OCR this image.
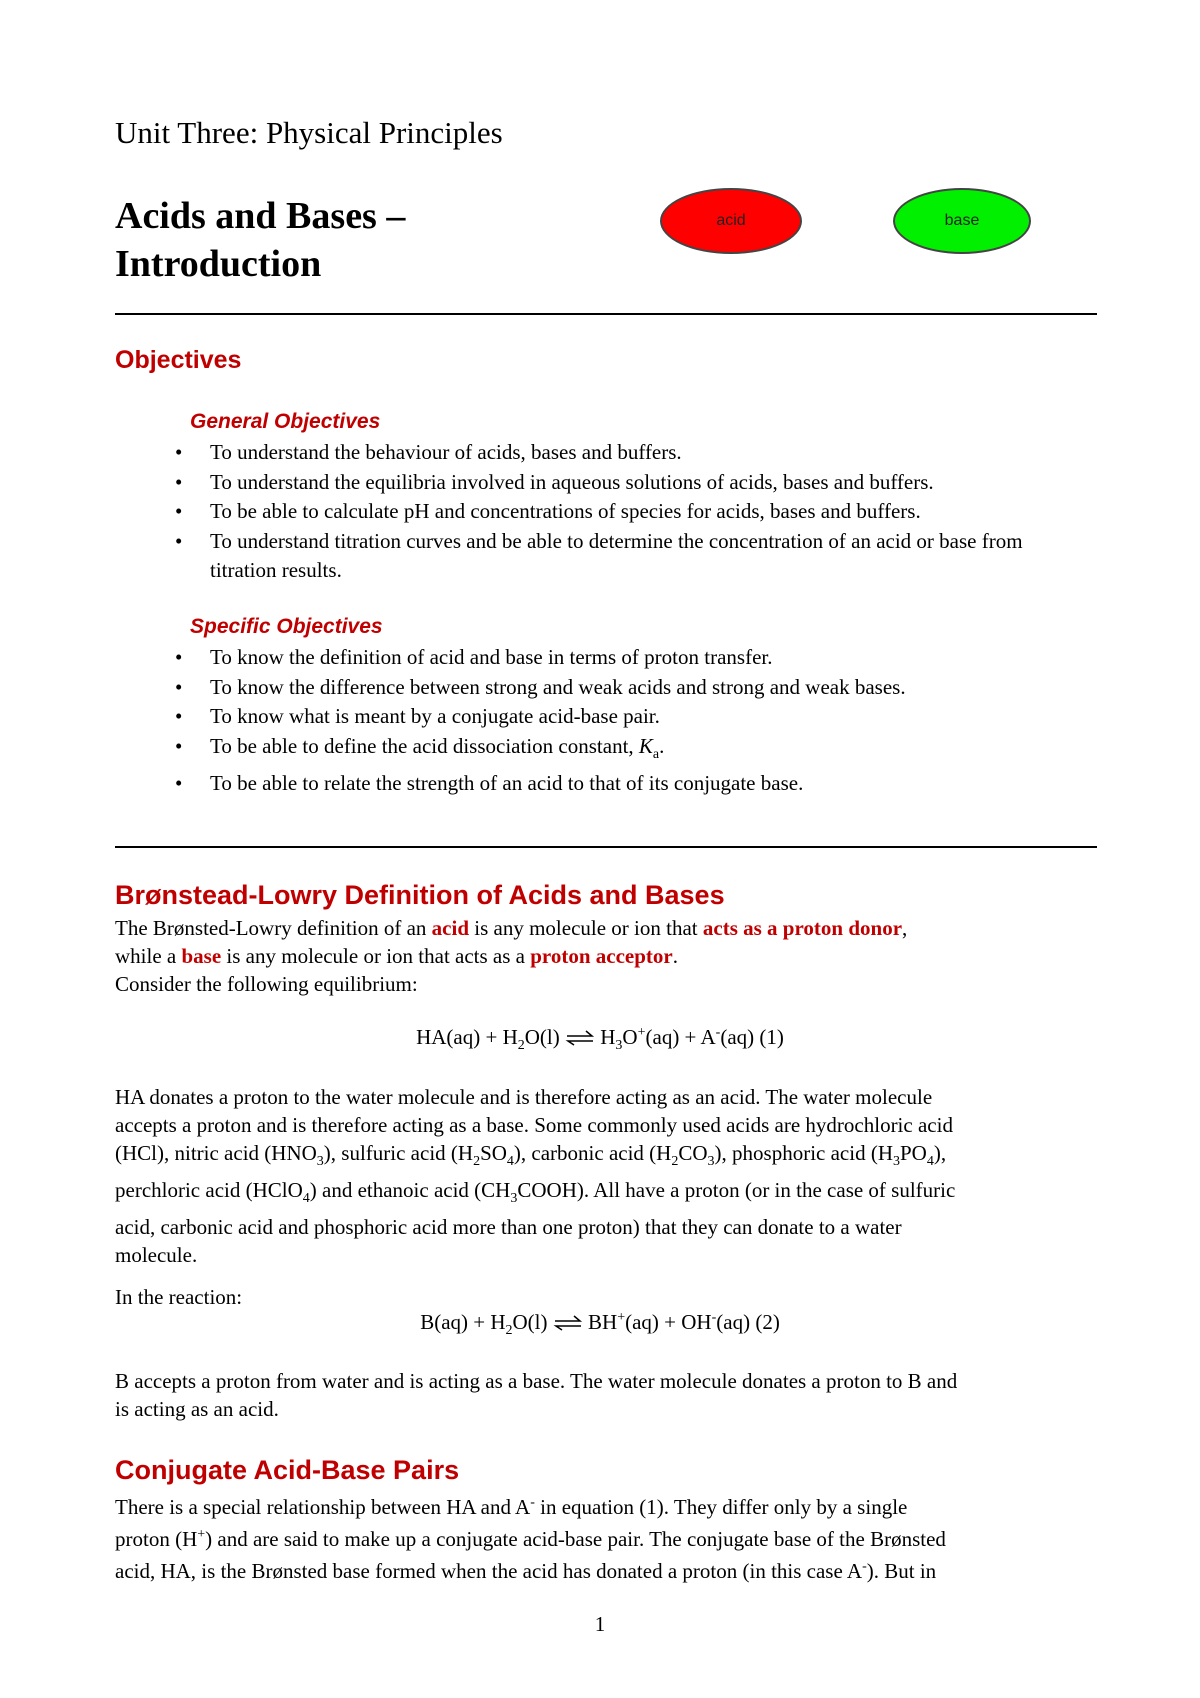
Unit Three: Physical Principles
Acids and Bases –
Introduction
acid	base
Objectives
General Objectives
• To understand the behaviour of acids, bases and buffers.
• To understand the equilibria involved in aqueous solutions of acids, bases and buffers.
• To be able to calculate pH and concentrations of species for acids, bases and buffers.
• To understand titration curves and be able to determine the concentration of an acid or base from titration results.
Specific Objectives
• To know the definition of acid and base in terms of proton transfer.
• To know the difference between strong and weak acids and strong and weak bases.
• To know what is meant by a conjugate acid-base pair.
• To be able to define the acid dissociation constant, $K_a$.
• To be able to relate the strength of an acid to that of its conjugate base.
Brønstead-Lowry Definition of Acids and Bases
The Brønsted-Lowry definition of an acid is any molecule or ion that acts as a proton donor,
while a base is any molecule or ion that acts as a proton acceptor.
Consider the following equilibrium:
$HA(aq) + H_2O(l)$ ⇌ $H_3O^+(aq) + A^-(aq)$ (1)
HA donates a proton to the water molecule and is therefore acting as an acid. The water molecule
accepts a proton and is therefore acting as a base. Some commonly used acids are hydrochloric acid
(HCl), nitric acid $(HNO_3)$, sulfuric acid $(H_2SO_4)$, carbonic acid $(H_2CO_3)$, phosphoric acid $(H_3PO_4)$,
perchloric acid (HClO$_4$) and ethanoic acid $(CH_3COOH)$. All have a proton (or in the case of sulfuric
acid, carbonic acid and phosphoric acid more than one proton) that they can donate to a water
molecule.
In the reaction:
$B(aq) + H_2O(l)$ ⇌ BH+(aq) + OH-(aq) (2)
B accepts a proton from water and is acting as a base. The water molecule donates a proton to B and
is acting as an acid.
Conjugate Acid-Base Pairs
There is a special relationship between HA and A- in equation (1). They differ only by a single
proton (H+) and are said to make up a conjugate acid-base pair. The conjugate base of the Brønsted
acid, HA, is the Brønsted base formed when the acid has donated a proton (in this case A-). But in
1
